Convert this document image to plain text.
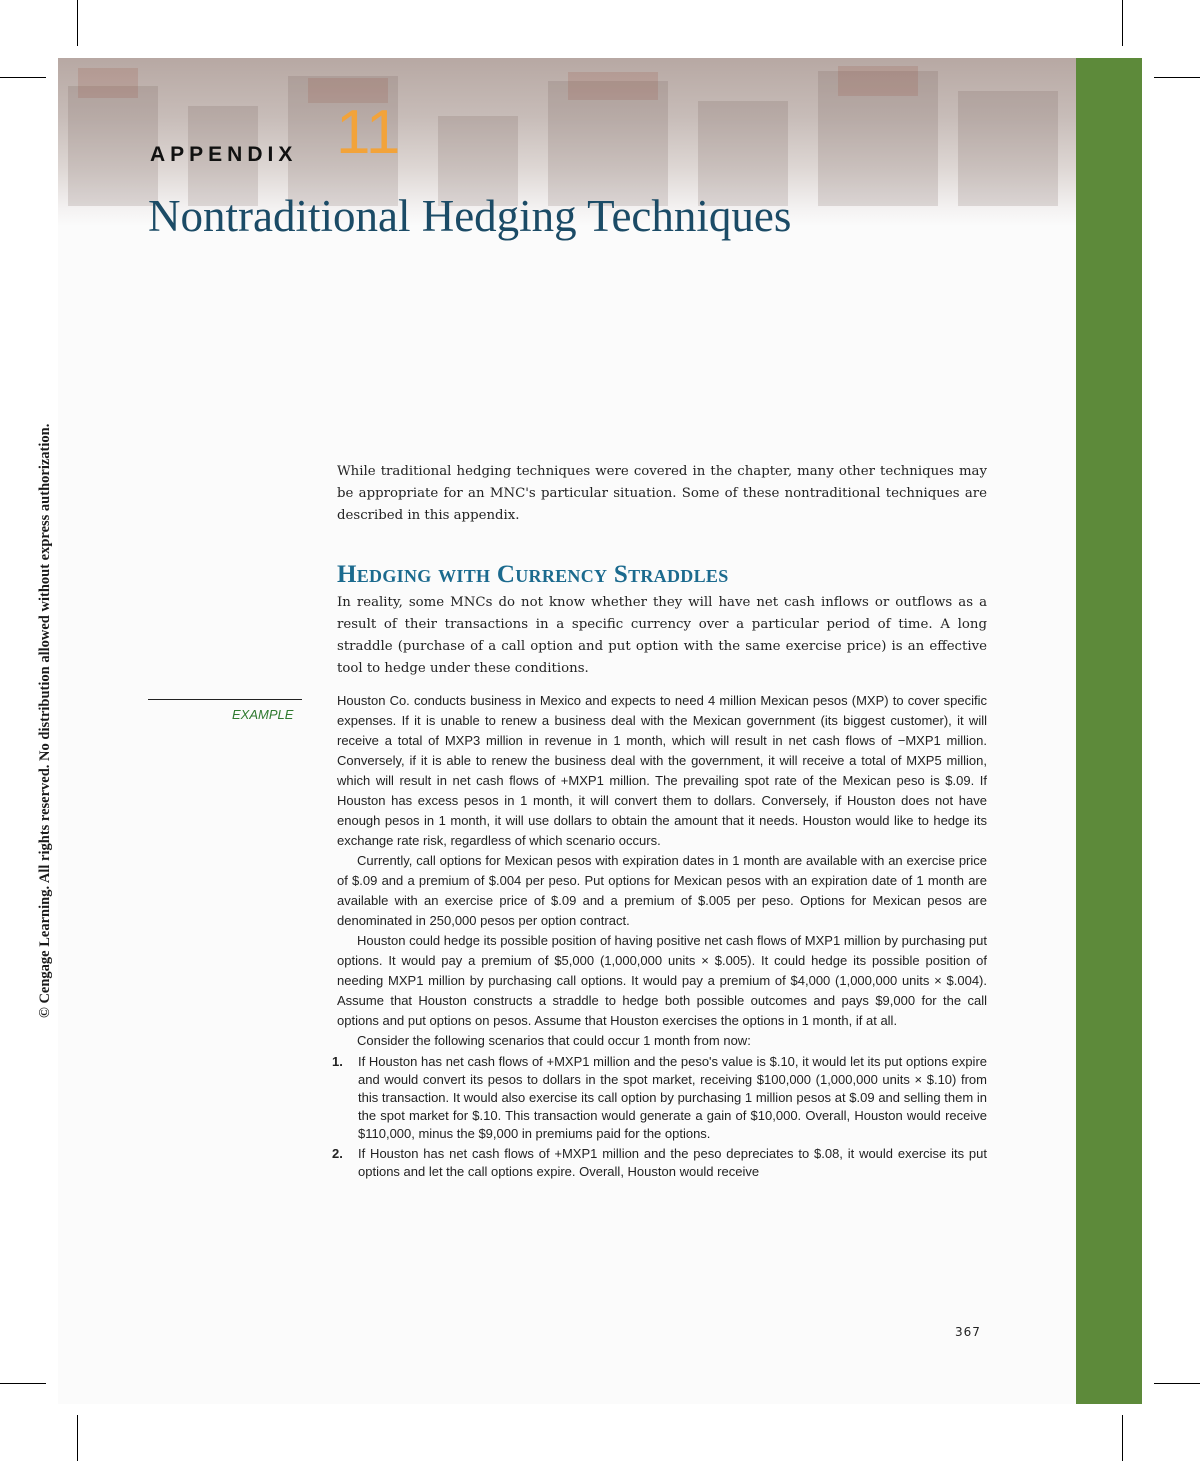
APPENDIX 11
Nontraditional Hedging Techniques
© Cengage Learning. All rights reserved. No distribution allowed without express authorization.	While traditional hedging techniques were covered in the chapter, many other techniques may be appropriate for an MNC's particular situation. Some of these nontraditional techniques are described in this appendix.
Hedging with Currency Straddles
In reality, some MNCs do not know whether they will have net cash inflows or outflows as a result of their transactions in a specific currency over a particular period of time. A long straddle (purchase of a call option and put option with the same exercise price) is an effective tool to hedge under these conditions.
EXAMPLE

Houston Co. conducts business in Mexico and expects to need 4 million Mexican pesos (MXP) to cover specific expenses. If it is unable to renew a business deal with the Mexican government (its biggest customer), it will receive a total of MXP3 million in revenue in 1 month, which will result in net cash flows of −MXP1 million. Conversely, if it is able to renew the business deal with the government, it will receive a total of MXP5 million, which will result in net cash flows of +MXP1 million. The prevailing spot rate of the Mexican peso is $.09. If Houston has excess pesos in 1 month, it will convert them to dollars. Conversely, if Houston does not have enough pesos in 1 month, it will use dollars to obtain the amount that it needs. Houston would like to hedge its exchange rate risk, regardless of which scenario occurs.

Currently, call options for Mexican pesos with expiration dates in 1 month are available with an exercise price of $.09 and a premium of $.004 per peso. Put options for Mexican pesos with an expiration date of 1 month are available with an exercise price of $.09 and a premium of $.005 per peso. Options for Mexican pesos are denominated in 250,000 pesos per option contract.

Houston could hedge its possible position of having positive net cash flows of MXP1 million by purchasing put options. It would pay a premium of $5,000 (1,000,000 units × $.005). It could hedge its possible position of needing MXP1 million by purchasing call options. It would pay a premium of $4,000 (1,000,000 units × $.004). Assume that Houston constructs a straddle to hedge both possible outcomes and pays $9,000 for the call options and put options on pesos. Assume that Houston exercises the options in 1 month, if at all.

Consider the following scenarios that could occur 1 month from now:

1. If Houston has net cash flows of +MXP1 million and the peso's value is $.10, it would let its put options expire and would convert its pesos to dollars in the spot market, receiving $100,000 (1,000,000 units × $.10) from this transaction. It would also exercise its call option by purchasing 1 million pesos at $.09 and selling them in the spot market for $.10. This transaction would generate a gain of $10,000. Overall, Houston would receive $110,000, minus the $9,000 in premiums paid for the options.
2. If Houston has net cash flows of +MXP1 million and the peso depreciates to $.08, it would exercise its put options and let the call options expire. Overall, Houston would receive
367
